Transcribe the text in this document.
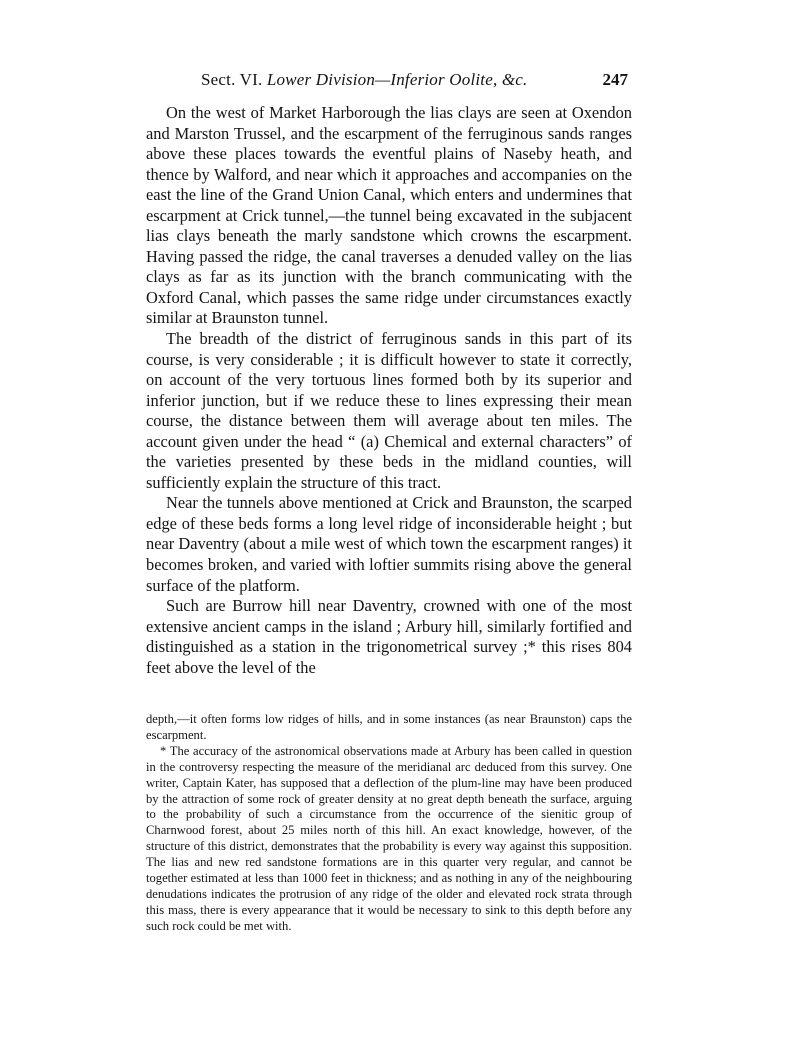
Sect. VI. Lower Division—Inferior Oolite, &c.	247

On the west of Market Harborough the lias clays are seen at Oxendon and Marston Trussel, and the escarpment of the ferruginous sands ranges above these places towards the eventful plains of Naseby heath, and thence by Walford, and near which it approaches and accompanies on the east the line of the Grand Union Canal, which enters and undermines that escarpment at Crick tunnel,—the tunnel being excavated in the subjacent lias clays beneath the marly sandstone which crowns the escarpment. Having passed the ridge, the canal traverses a denuded valley on the lias clays as far as its junction with the branch communicating with the Oxford Canal, which passes the same ridge under circumstances exactly similar at Braunston tunnel.

The breadth of the district of ferruginous sands in this part of its course, is very considerable ; it is difficult however to state it correctly, on account of the very tortuous lines formed both by its superior and inferior junction, but if we reduce these to lines expressing their mean course, the distance between them will average about ten miles. The account given under the head “ (a) Chemical and external characters” of the varieties presented by these beds in the midland counties, will sufficiently explain the structure of this tract.

Near the tunnels above mentioned at Crick and Braunston, the scarped edge of these beds forms a long level ridge of inconsiderable height ; but near Daventry (about a mile west of which town the escarpment ranges) it becomes broken, and varied with loftier summits rising above the general surface of the platform.

Such are Burrow hill near Daventry, crowned with one of the most extensive ancient camps in the island ; Arbury hill, similarly fortified and distinguished as a station in the trigonometrical survey ;* this rises 804 feet above the level of the

depth,—it often forms low ridges of hills, and in some instances (as near Braunston) caps the escarpment.

* The accuracy of the astronomical observations made at Arbury has been called in question in the controversy respecting the measure of the meridianal arc deduced from this survey. One writer, Captain Kater, has supposed that a deflection of the plum-line may have been produced by the attraction of some rock of greater density at no great depth beneath the surface, arguing to the probability of such a circumstance from the occurrence of the sienitic group of Charnwood forest, about 25 miles north of this hill. An exact knowledge, however, of the structure of this district, demonstrates that the probability is every way against this supposition. The lias and new red sandstone formations are in this quarter very regular, and cannot be together estimated at less than 1000 feet in thickness; and as nothing in any of the neighbouring denudations indicates the protrusion of any ridge of the older and elevated rock strata through this mass, there is every appearance that it would be necessary to sink to this depth before any such rock could be met with.
